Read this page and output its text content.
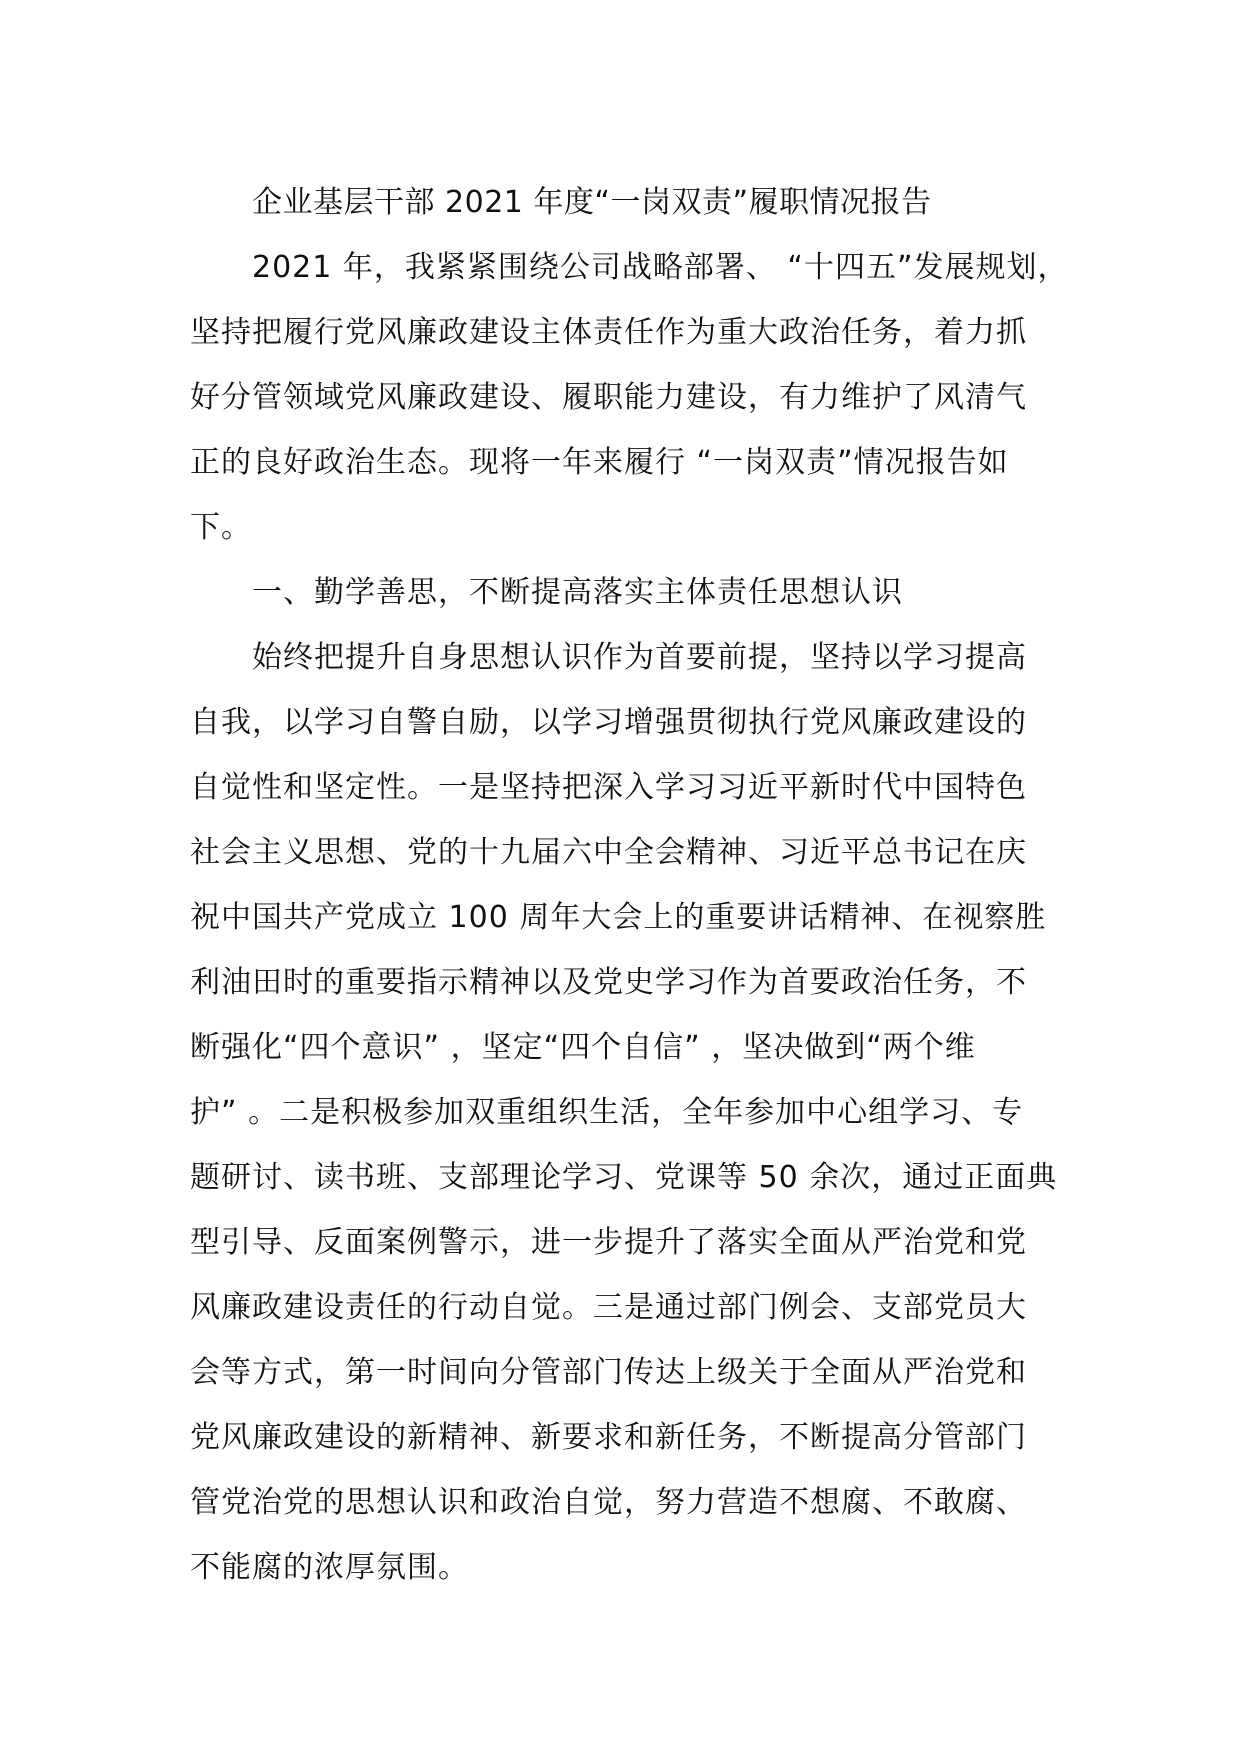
企业基层干部 2021 年度“一岗双责”履职情况报告
2021 年，我紧紧围绕公司战略部署、 “十四五”发展规划，
坚持把履行党风廉政建设主体责任作为重大政治任务，着力抓
好分管领域党风廉政建设、履职能力建设，有力维护了风清气
正的良好政治生态。现将一年来履行 “一岗双责”情况报告如
下。
一、勤学善思，不断提高落实主体责任思想认识
始终把提升自身思想认识作为首要前提，坚持以学习提高
自我，以学习自警自励，以学习增强贯彻执行党风廉政建设的
自觉性和坚定性。一是坚持把深入学习习近平新时代中国特色
社会主义思想、党的十九届六中全会精神、习近平总书记在庆
祝中国共产党成立 100 周年大会上的重要讲话精神、在视察胜
利油田时的重要指示精神以及党史学习作为首要政治任务，不
断强化“四个意识” ，坚定“四个自信” ，坚决做到“两个维
护” 。二是积极参加双重组织生活，全年参加中心组学习、专
题研讨、读书班、支部理论学习、党课等 50 余次，通过正面典
型引导、反面案例警示，进一步提升了落实全面从严治党和党
风廉政建设责任的行动自觉。三是通过部门例会、支部党员大
会等方式，第一时间向分管部门传达上级关于全面从严治党和
党风廉政建设的新精神、新要求和新任务，不断提高分管部门
管党治党的思想认识和政治自觉，努力营造不想腐、不敢腐、
不能腐的浓厚氛围。
